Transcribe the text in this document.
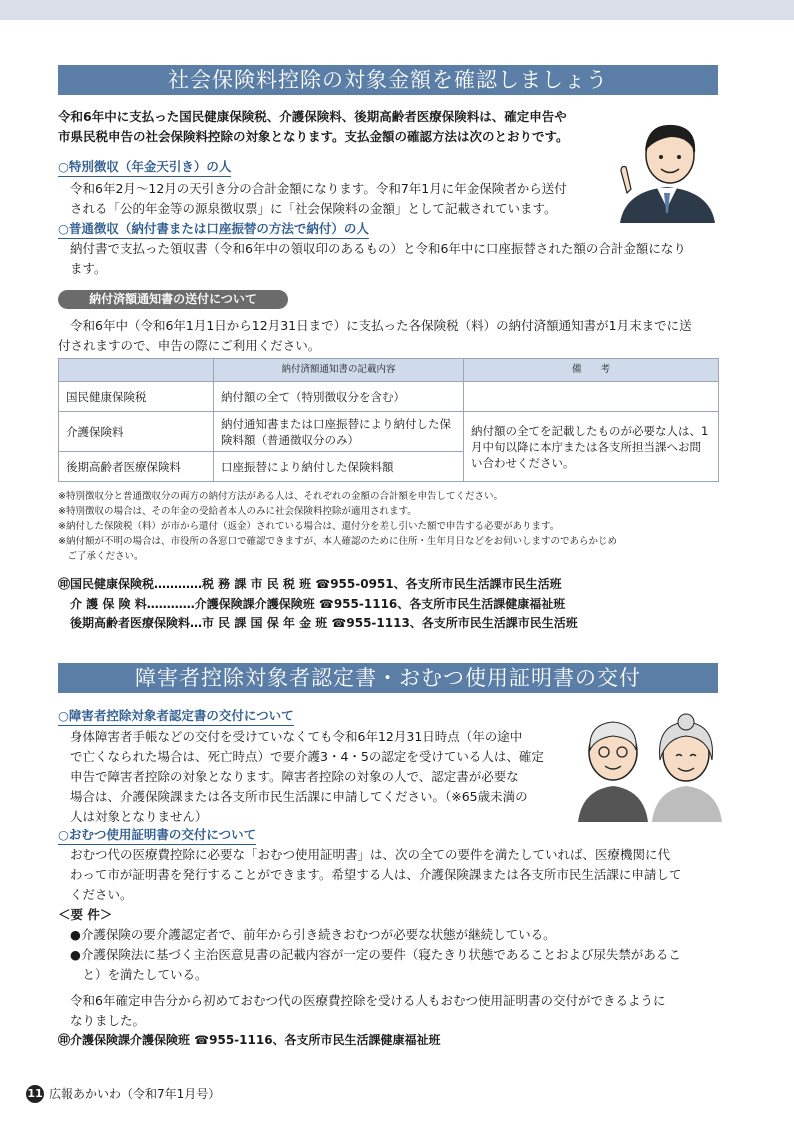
社会保険料控除の対象金額を確認しましょう
令和6年中に支払った国民健康保険税、介護保険料、後期高齢者医療保険料は、確定申告や
市県民税申告の社会保険料控除の対象となります。支払金額の確認方法は次のとおりです。
○特別徴収（年金天引き）の人
令和6年2月～12月の天引き分の合計金額になります。令和7年1月に年金保険者から送付
される「公的年金等の源泉徴収票」に「社会保険料の金額」として記載されています。
○普通徴収（納付書または口座振替の方法で納付）の人
納付書で支払った領収書（令和6年中の領収印のあるもの）と令和6年中に口座振替された額の合計金額になり
ます。
納付済額通知書の送付について
令和6年中（令和6年1月1日から12月31日まで）に支払った各保険税（料）の納付済額通知書が1月末までに送
付されますので、申告の際にご利用ください。
	納付済額通知書の記載内容	備　　考
国民健康保険税	納付額の全て（特別徴収分を含む）	
介護保険料	納付通知書または口座振替により納付した保険料額（普通徴収分のみ）	納付額の全てを記載したものが必要な人は、1月中旬以降に本庁または各支所担当課へお問い合わせください。
後期高齢者医療保険料	口座振替により納付した保険料額	
※特別徴収分と普通徴収分の両方の納付方法がある人は、それぞれの金額の合計額を申告してください。
※特別徴収の場合は、その年金の受給者本人のみに社会保険料控除が適用されます。
※納付した保険税（料）が市から還付（返金）されている場合は、還付分を差し引いた額で申告する必要があります。
※納付額が不明の場合は、市役所の各窓口で確認できますが、本人確認のために住所・生年月日などをお伺いしますのであらかじめ
　ご了承ください。
㊞国民健康保険税…………税 務 課 市 民 税 班 ☎955-0951、各支所市民生活課市民生活班
　介 護 保 険 料…………介護保険課介護保険班 ☎955-1116、各支所市民生活課健康福祉班
　後期高齢者医療保険料…市 民 課 国 保 年 金 班 ☎955-1113、各支所市民生活課市民生活班
障害者控除対象者認定書・おむつ使用証明書の交付
○障害者控除対象者認定書の交付について
身体障害者手帳などの交付を受けていなくても令和6年12月31日時点（年の途中
で亡くなられた場合は、死亡時点）で要介護3・4・5の認定を受けている人は、確定
申告で障害者控除の対象となります。障害者控除の対象の人で、認定書が必要な
場合は、介護保険課または各支所市民生活課に申請してください。（※65歳未満の
人は対象となりません）
○おむつ使用証明書の交付について
おむつ代の医療費控除に必要な「おむつ使用証明書」は、次の全ての要件を満たしていれば、医療機関に代
わって市が証明書を発行することができます。希望する人は、介護保険課または各支所市民生活課に申請して
ください。
＜要 件＞
●介護保険の要介護認定者で、前年から引き続きおむつが必要な状態が継続している。
●介護保険法に基づく主治医意見書の記載内容が一定の要件（寝たきり状態であることおよび尿失禁があるこ
　と）を満たしている。
令和6年確定申告分から初めておむつ代の医療費控除を受ける人もおむつ使用証明書の交付ができるように
なりました。
㊞介護保険課介護保険班 ☎955-1116、各支所市民生活課健康福祉班
11 広報あかいわ（令和7年1月号）
